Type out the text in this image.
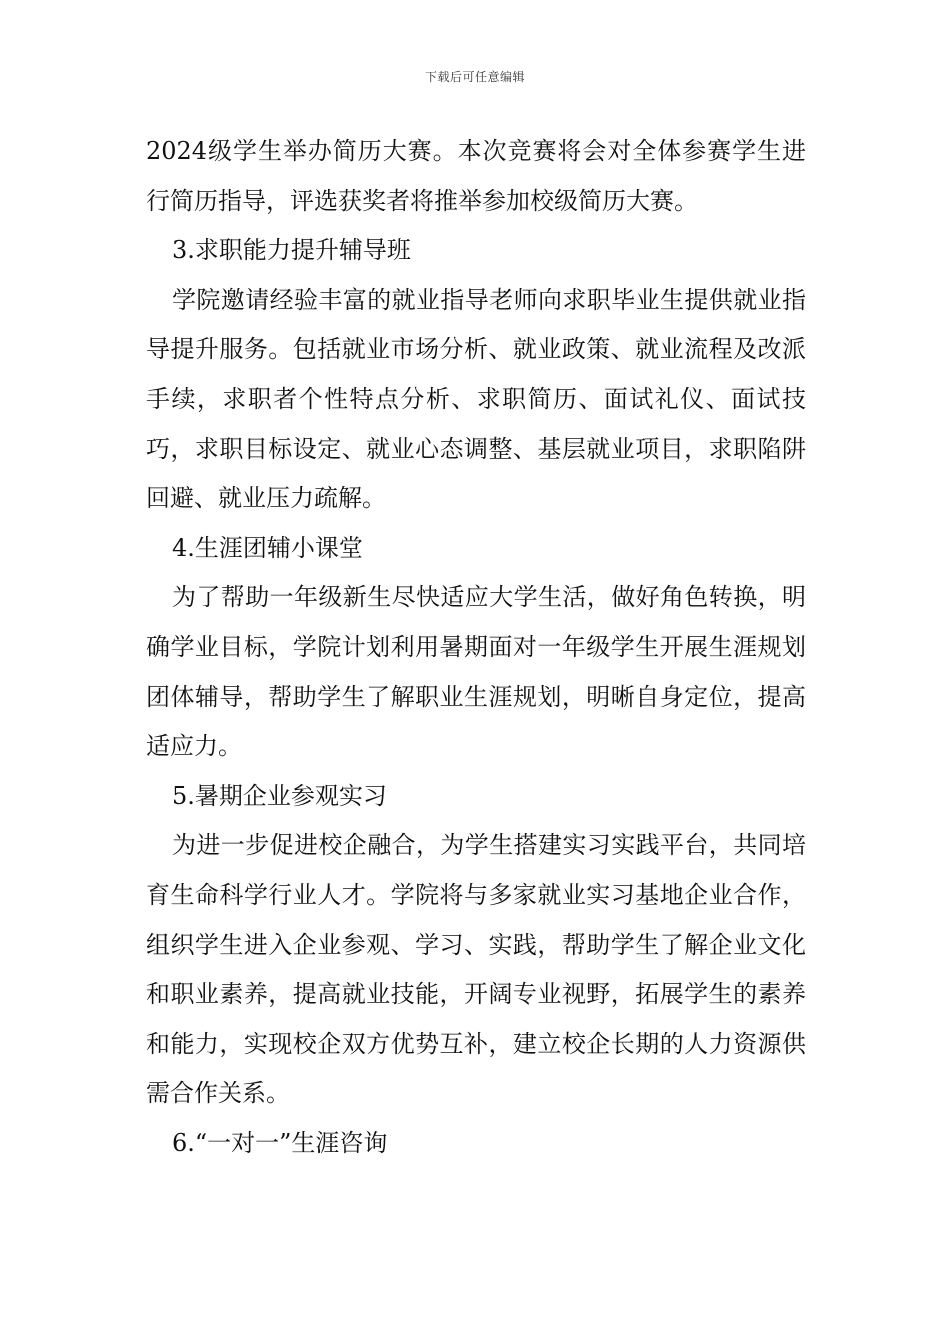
下载后可任意编辑

2024级学生举办简历大赛。本次竞赛将会对全体参赛学生进行简历指导，评选获奖者将推举参加校级简历大赛。

3.求职能力提升辅导班

学院邀请经验丰富的就业指导老师向求职毕业生提供就业指导提升服务。包括就业市场分析、就业政策、就业流程及改派手续，求职者个性特点分析、求职简历、面试礼仪、面试技巧，求职目标设定、就业心态调整、基层就业项目，求职陷阱回避、就业压力疏解。

4.生涯团辅小课堂

为了帮助一年级新生尽快适应大学生活，做好角色转换，明确学业目标，学院计划利用暑期面对一年级学生开展生涯规划团体辅导，帮助学生了解职业生涯规划，明晰自身定位，提高适应力。

5.暑期企业参观实习

为进一步促进校企融合，为学生搭建实习实践平台，共同培育生命科学行业人才。学院将与多家就业实习基地企业合作，组织学生进入企业参观、学习、实践，帮助学生了解企业文化和职业素养，提高就业技能，开阔专业视野，拓展学生的素养和能力，实现校企双方优势互补，建立校企长期的人力资源供需合作关系。

6.“一对一”生涯咨询
